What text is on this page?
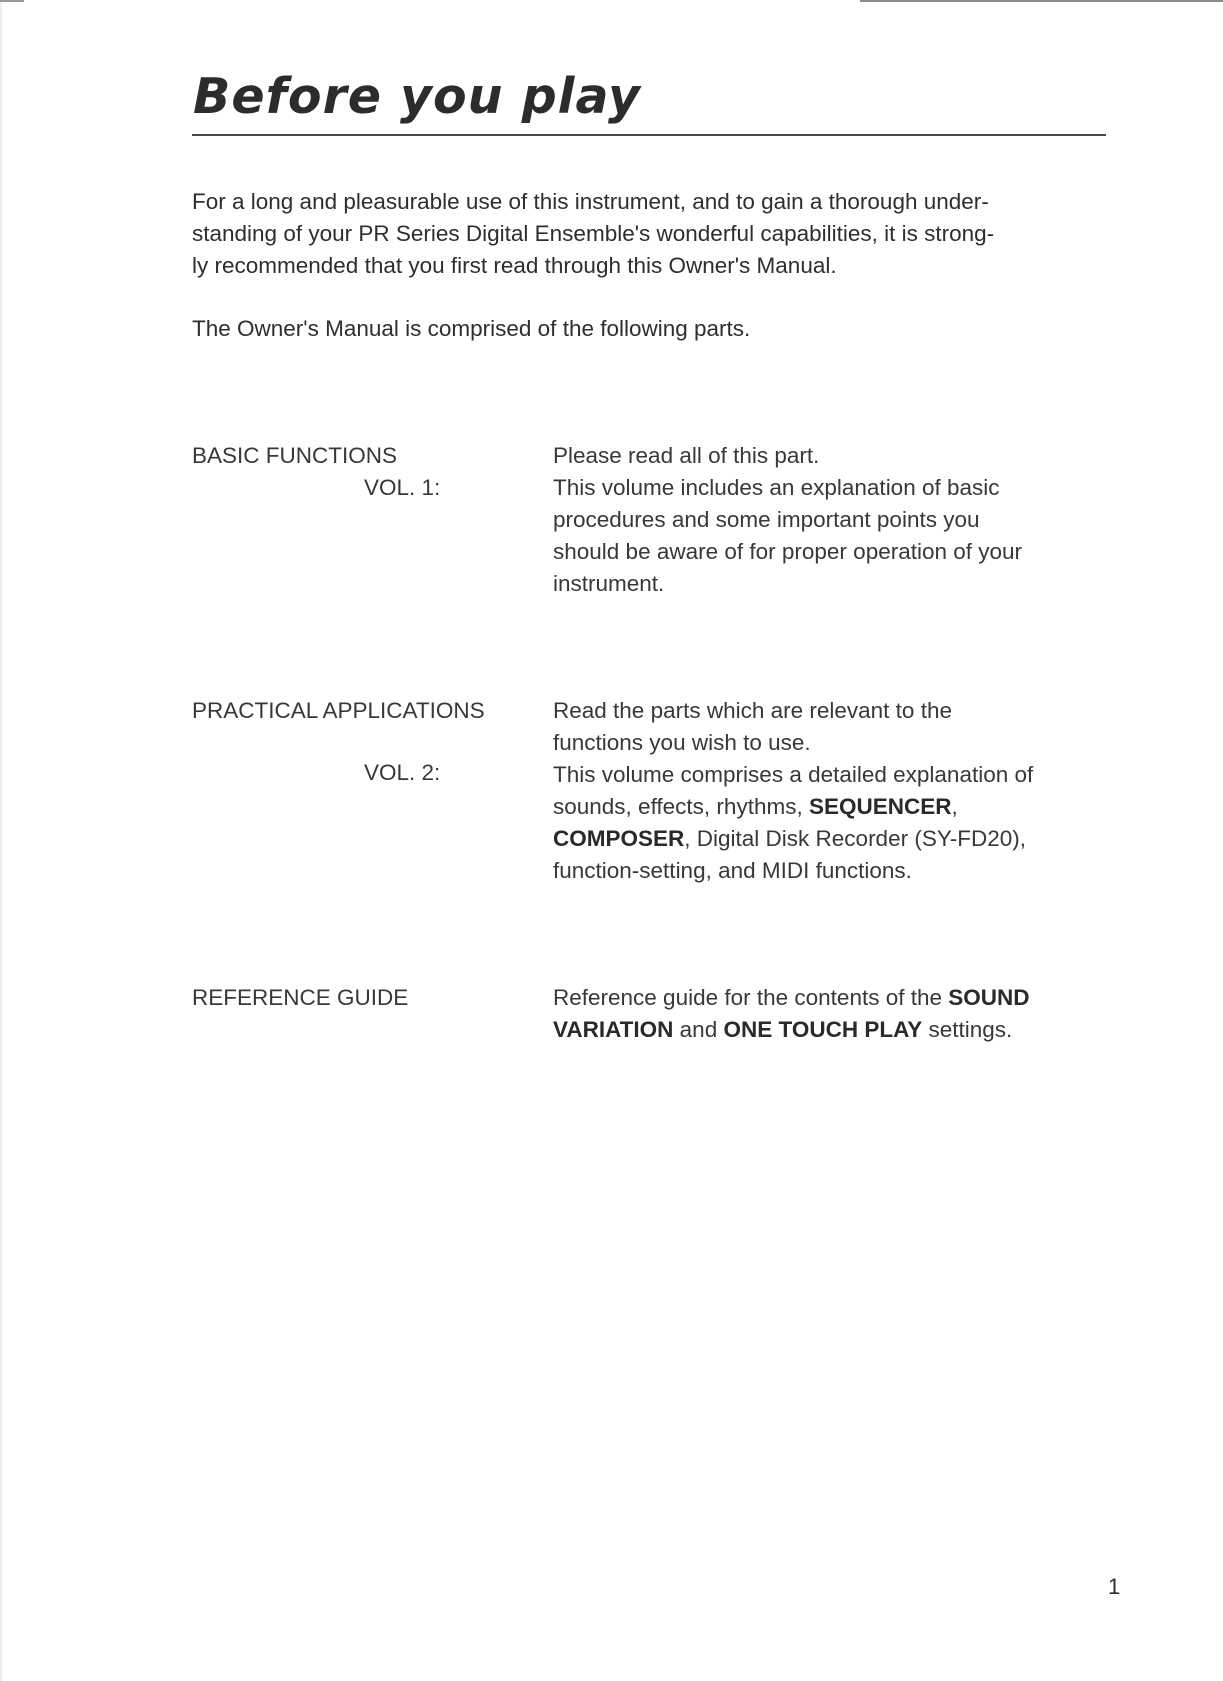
Before you play

For a long and pleasurable use of this instrument, and to gain a thorough under-
standing of your PR Series Digital Ensemble's wonderful capabilities, it is strong-
ly recommended that you first read through this Owner's Manual.

The Owner's Manual is comprised of the following parts.

BASIC FUNCTIONS

VOL. 1:

Please read all of this part.
This volume includes an explanation of basic
procedures and some important points you
should be aware of for proper operation of your
instrument.

PRACTICAL APPLICATIONS

VOL. 2:

Read the parts which are relevant to the
functions you wish to use.
This volume comprises a detailed explanation of
sounds, effects, rhythms, SEQUENCER,
COMPOSER, Digital Disk Recorder (SY-FD20),
function-setting, and MIDI functions.

REFERENCE GUIDE	Reference guide for the contents of the SOUND
VARIATION and ONE TOUCH PLAY settings.

1
